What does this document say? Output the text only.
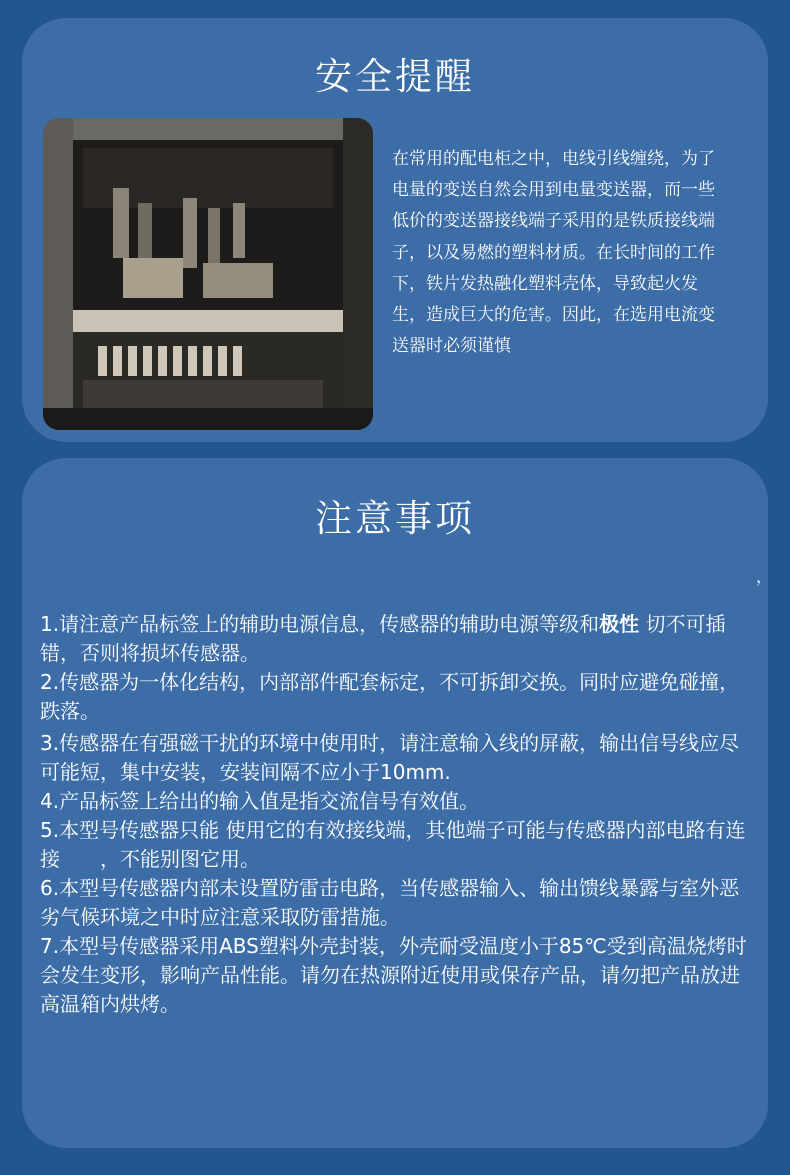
安全提醒
在常用的配电柜之中，电线引线缠绕，为了电量的变送自然会用到电量变送器，而一些低价的变送器接线端子采用的是铁质接线端子，以及易燃的塑料材质。在长时间的工作下，铁片发热融化塑料壳体，导致起火发生，造成巨大的危害。因此，在选用电流变送器时必须谨慎
注意事项
，
1.请注意产品标签上的辅助电源信息，传感器的辅助电源等级和极性 切不可插错，否则将损坏传感器。
2.传感器为一体化结构，内部部件配套标定，不可拆卸交换。同时应避免碰撞，跌落。
3.传感器在有强磁干扰的环境中使用时，请注意输入线的屏蔽，输出信号线应尽可能短，集中安装，安装间隔不应小于10mm.
4.产品标签上给出的输入值是指交流信号有效值。
5.本型号传感器只能 使用它的有效接线端，其他端子可能与传感器内部电路有连接　　，不能别图它用。
6.本型号传感器内部未设置防雷击电路，当传感器输入、输出馈线暴露与室外恶劣气候环境之中时应注意采取防雷措施。
7.本型号传感器采用ABS塑料外壳封装，外壳耐受温度小于85℃受到高温烧烤时会发生变形，影响产品性能。请勿在热源附近使用或保存产品，请勿把产品放进高温箱内烘烤。
